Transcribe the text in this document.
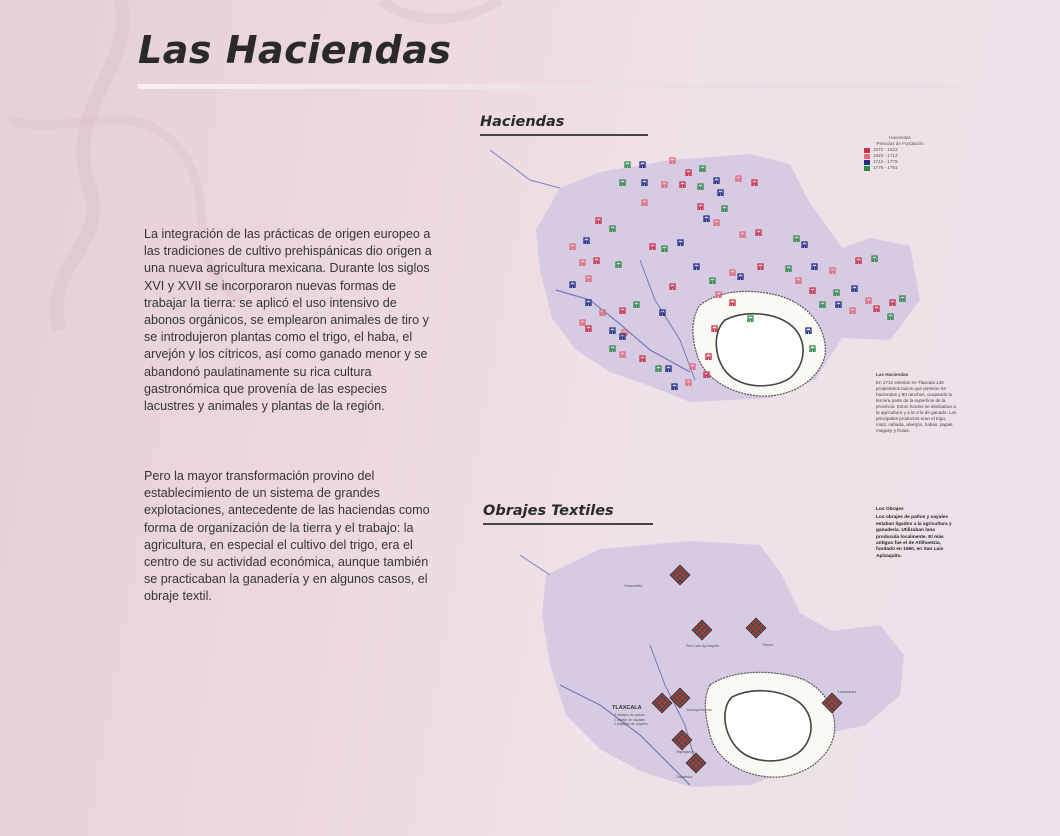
Las Haciendas

La integración de las prácticas de origen europeo a las tradiciones de cultivo prehispánicas dio origen a una nueva agricultura mexicana. Durante los siglos XVI y XVII se incorporaron nuevas formas de trabajar la tierra: se aplicó el uso intensivo de abonos orgánicos, se emplearon animales de tiro y se introdujeron plantas como el trigo, el haba, el arvejón y los cítricos, así como ganado menor y se abandonó paulatinamente su rica cultura gastronómica que provenía de las especies lacustres y animales y plantas de la región.

Pero la mayor transformación provino del establecimiento de un sistema de grandes explotaciones, antecedente de las haciendas como forma de organización de la tierra y el trabajo: la agricultura, en especial el cultivo del trigo, era el centro de su actividad económica, aunque también se practicaban la ganadería y en algunos casos, el obraje textil.

Haciendas
Haciendas
Periodos de Fundación
1572 - 1623
1623 - 1712
1712 - 1779
1779 - 1791
Las Haciendas
En 1712 existían en Tlaxcala 146 propietarios laicos que poseían 94 haciendas y 80 ranchos, ocupando la tercera parte de la superficie de la provincia. Estos fundos se dedicaban a la agricultura y a la cría de ganado. Los principales productos eran el trigo, maíz, cebada, alverjón, habas, papas, maguey y frutas.
Obrajes Textiles	Los Obrajes
Los obrajes de paños y sayales estaban ligados a la agricultura y ganadería. Utilizaban lana producida localmente. El más antiguo fue el de Atlihuetzia, fundado en 1560, en San Luis Apizaquito.
Huamantla
San Luis Apizaquito	Tlaxco
Huamantla
Yauhquemecan
Tepeyanco
Zacatelco
TLAXCALA
3 obrajes de paños
1 obraje de sayales
1 trapiche de sayales
